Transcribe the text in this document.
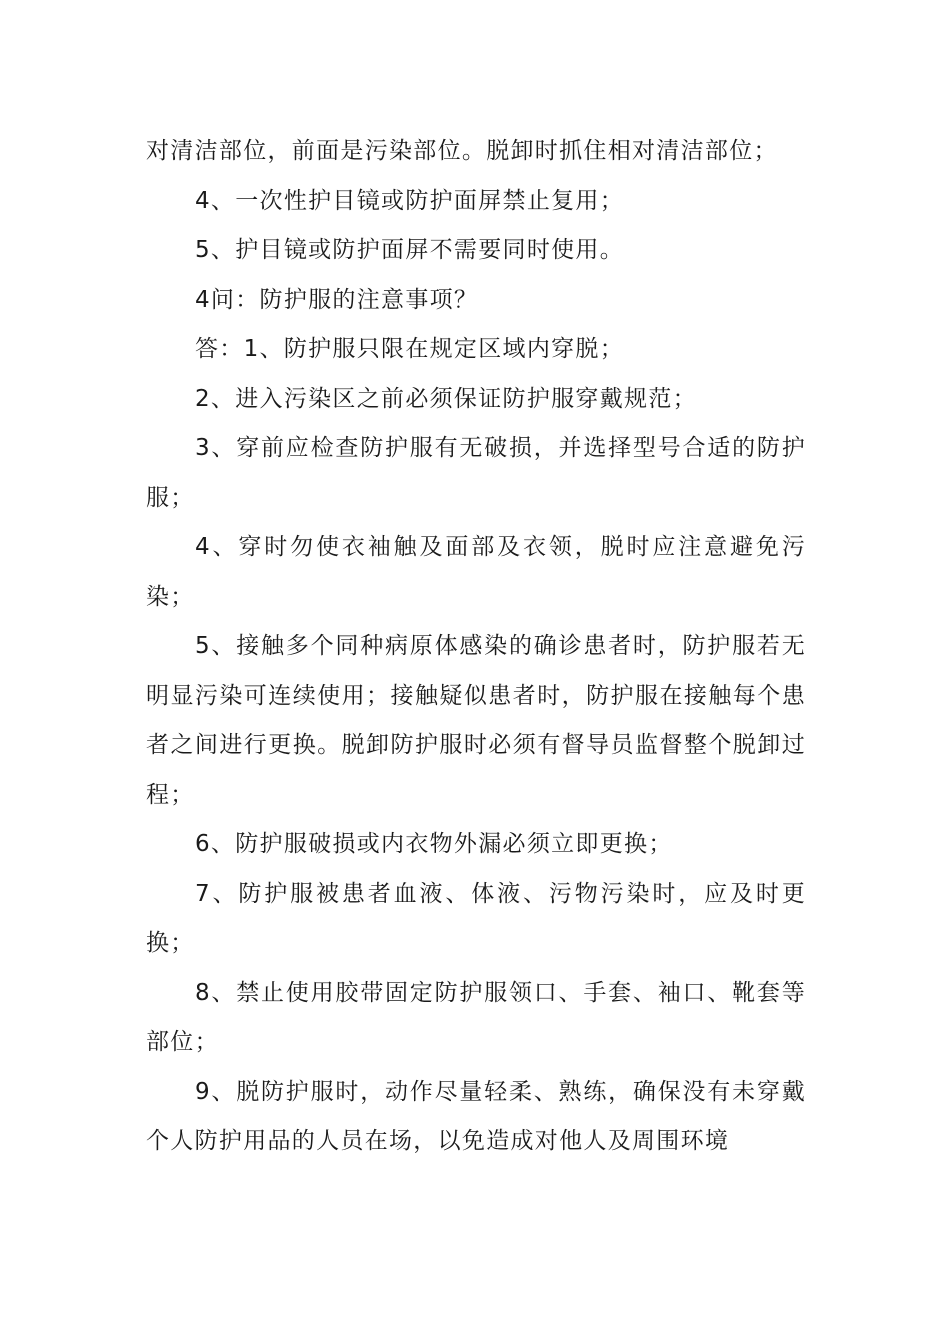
对清洁部位，前面是污染部位。脱卸时抓住相对清洁部位；

4、一次性护目镜或防护面屏禁止复用；

5、护目镜或防护面屏不需要同时使用。

4问：防护服的注意事项？

答：1、防护服只限在规定区域内穿脱；

2、进入污染区之前必须保证防护服穿戴规范；

3、穿前应检查防护服有无破损，并选择型号合适的防护服；

4、穿时勿使衣袖触及面部及衣领，脱时应注意避免污染；

5、接触多个同种病原体感染的确诊患者时，防护服若无明显污染可连续使用；接触疑似患者时，防护服在接触每个患者之间进行更换。脱卸防护服时必须有督导员监督整个脱卸过程；

6、防护服破损或内衣物外漏必须立即更换；

7、防护服被患者血液、体液、污物污染时，应及时更换；

8、禁止使用胶带固定防护服领口、手套、袖口、靴套等部位；

9、脱防护服时，动作尽量轻柔、熟练，确保没有未穿戴个人防护用品的人员在场，以免造成对他人及周围环境
